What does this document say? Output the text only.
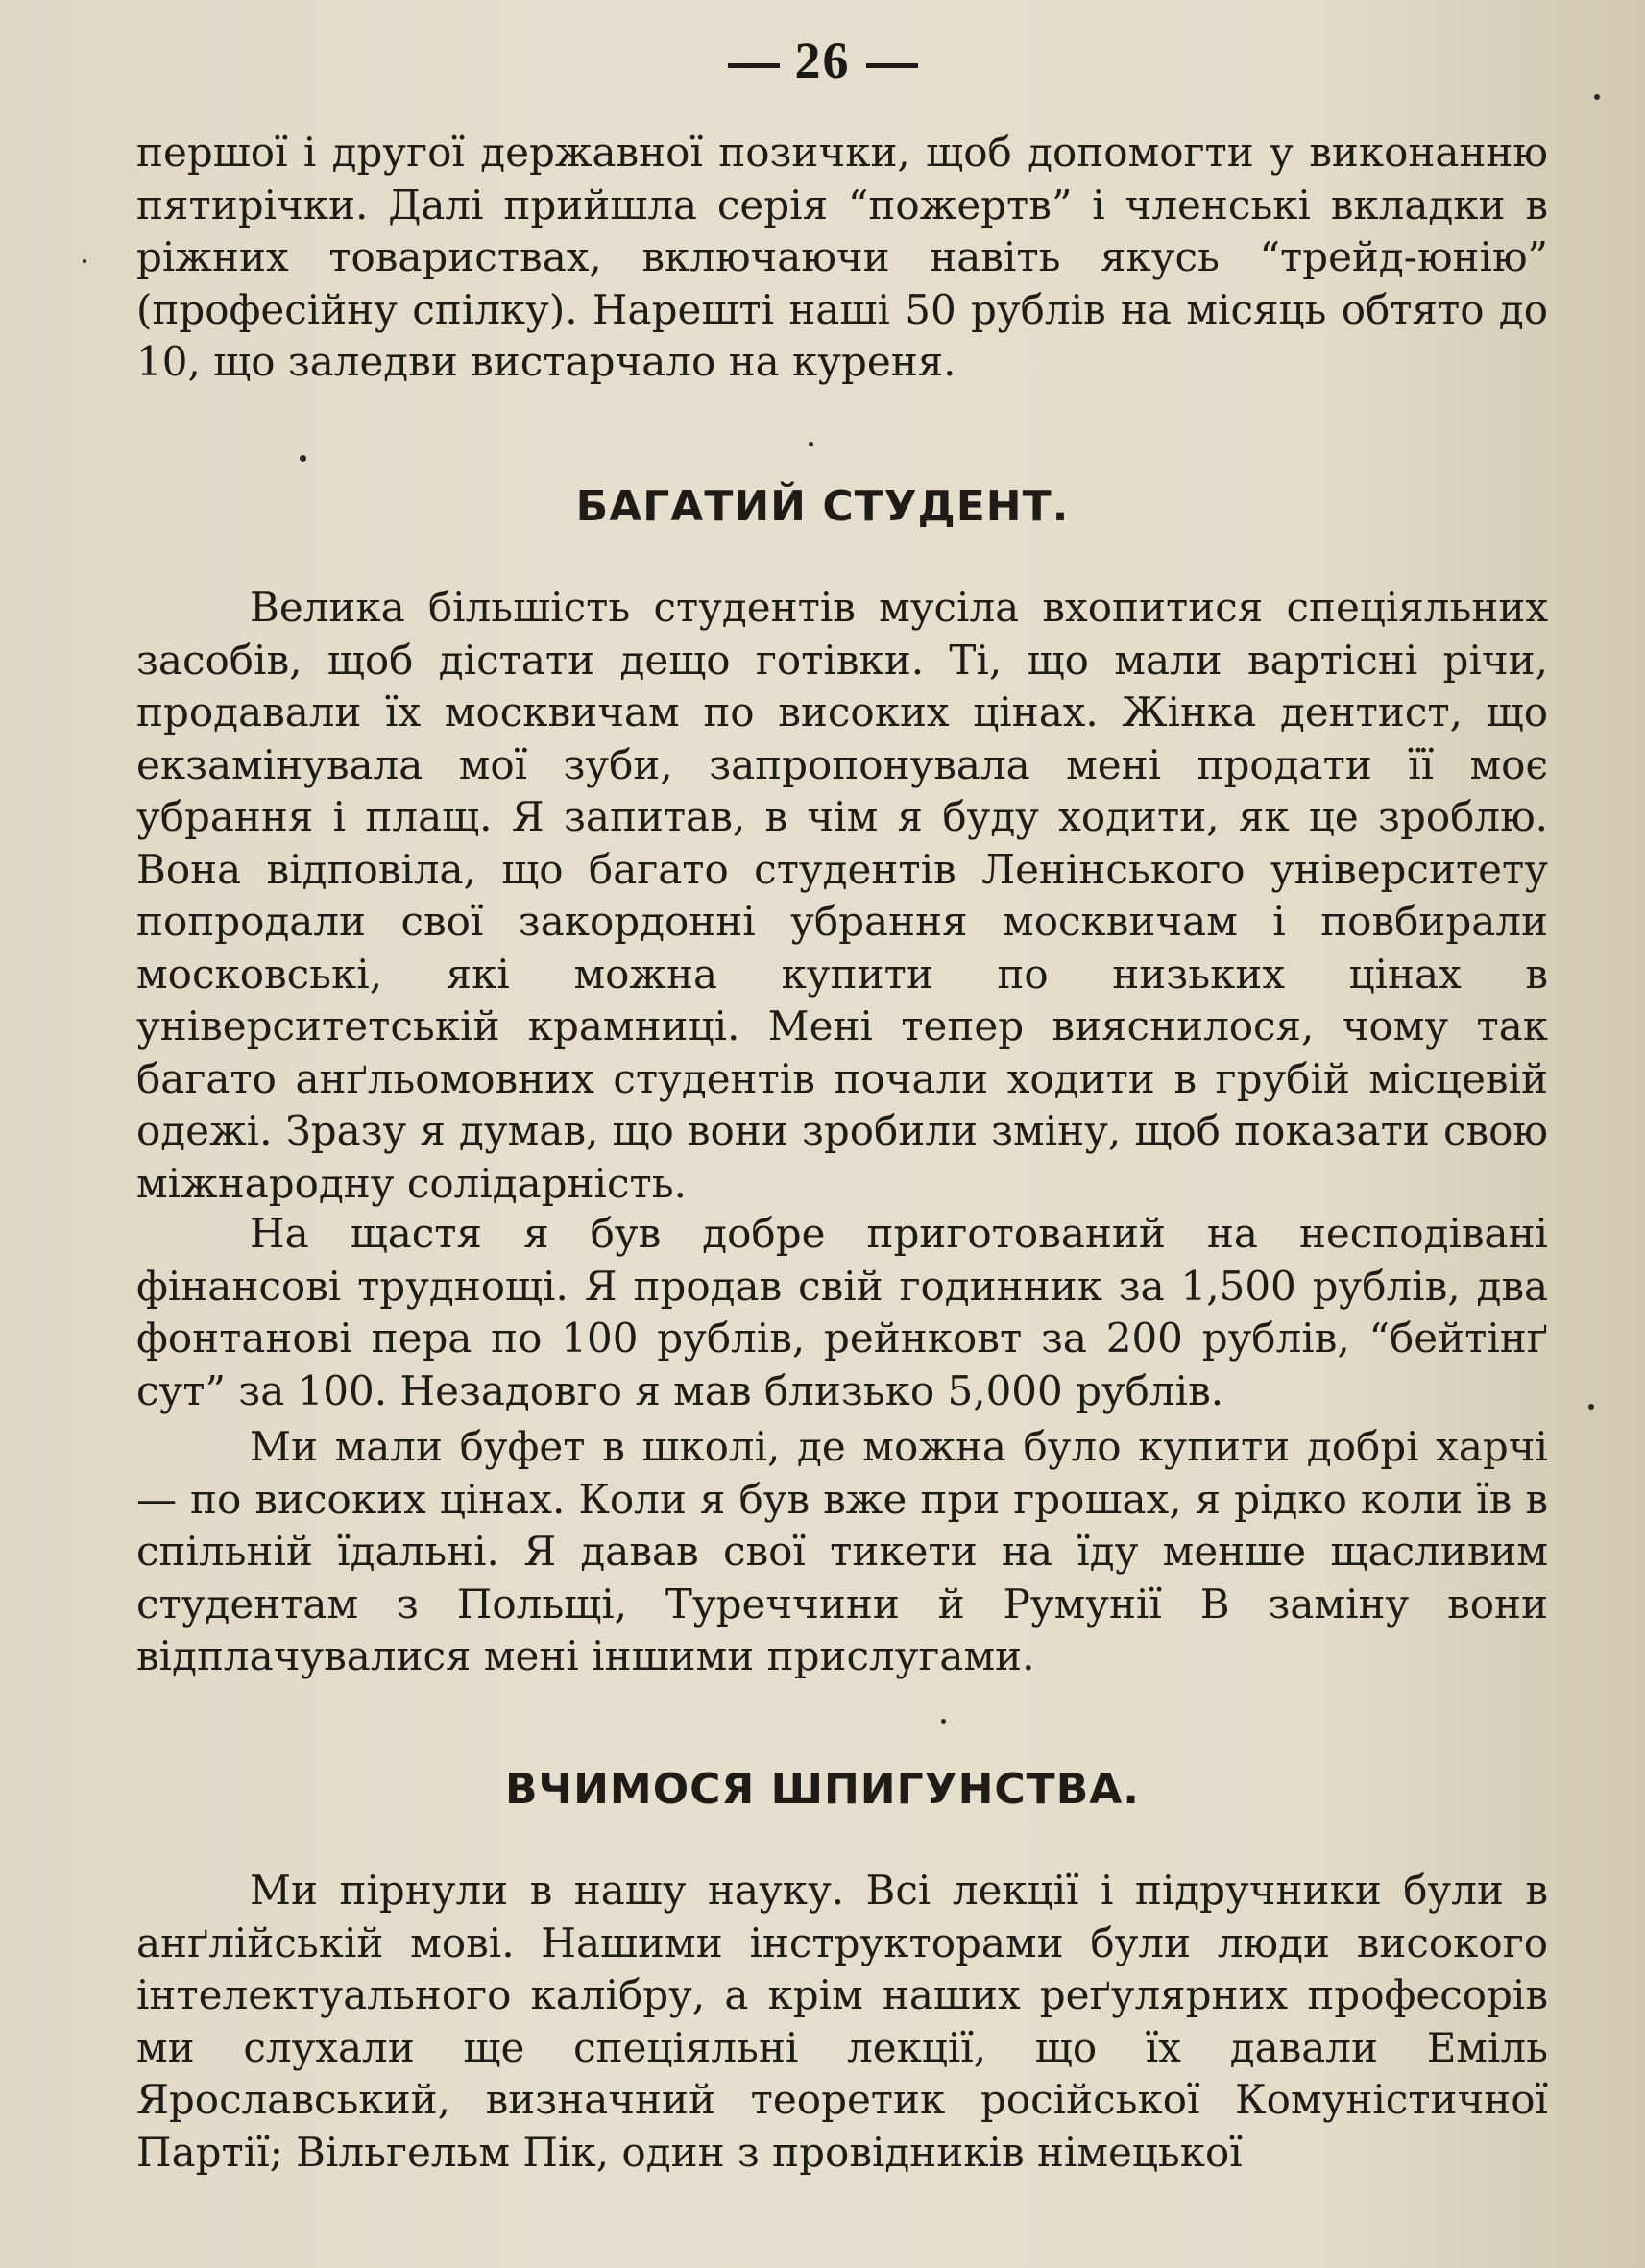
26

першої і другої державної позички, щоб допомогти у виконанню пятирічки. Далі прийшла серія “пожертв” і членські вкладки в ріжних товариствах, включаючи навіть якусь “трейд-юнію” (професійну спілку). Нарешті наші 50 рублів на місяць обтято до 10, що заледви вистарчало на куреня.

БАГАТИЙ СТУДЕНТ.

Велика більшість студентів мусіла вхопитися спеціяльних засобів, щоб дістати дещо готівки. Ті, що мали вартісні річи, продавали їх москвичам по високих цінах. Жінка дентист, що екзамінувала мої зуби, запропонувала мені продати її моє убрання і плащ. Я запитав, в чім я буду ходити, як це зроблю. Вона відповіла, що багато студентів Ленінського університету попродали свої закордонні убрання москвичам і повбирали московські, які можна купити по низьких цінах в університетській крамниці. Мені тепер вияснилося, чому так багато анґльомовних студентів почали ходити в грубій місцевій одежі. Зразу я думав, що вони зробили зміну, щоб показати свою міжнародну солідарність.

На щастя я був добре приготований на несподівані фінансові труднощі. Я продав свій годинник за 1,500 рублів, два фонтанові пера по 100 рублів, рейнковт за 200 рублів, “бейтінґ сут” за 100. Незадовго я мав близько 5,000 рублів.

Ми мали буфет в школі, де можна було купити добрі харчі — по високих цінах. Коли я був вже при грошах, я рідко коли їв в спільній їдальні. Я давав свої тикети на їду менше щасливим студентам з Польщі, Туреччини й Румунії В заміну вони відплачувалися мені іншими прислугами.

ВЧИМОСЯ ШПИГУНСТВА.

Ми пірнули в нашу науку. Всі лекції і підручники були в анґлійській мові. Нашими інструкторами були люди високого інтелектуального калібру, а крім наших реґулярних професорів ми слухали ще спеціяльні лекції, що їх давали Еміль Ярославський, визначний теоретик російської Комуністичної Партії; Вільгельм Пік, один з провідників німецької
